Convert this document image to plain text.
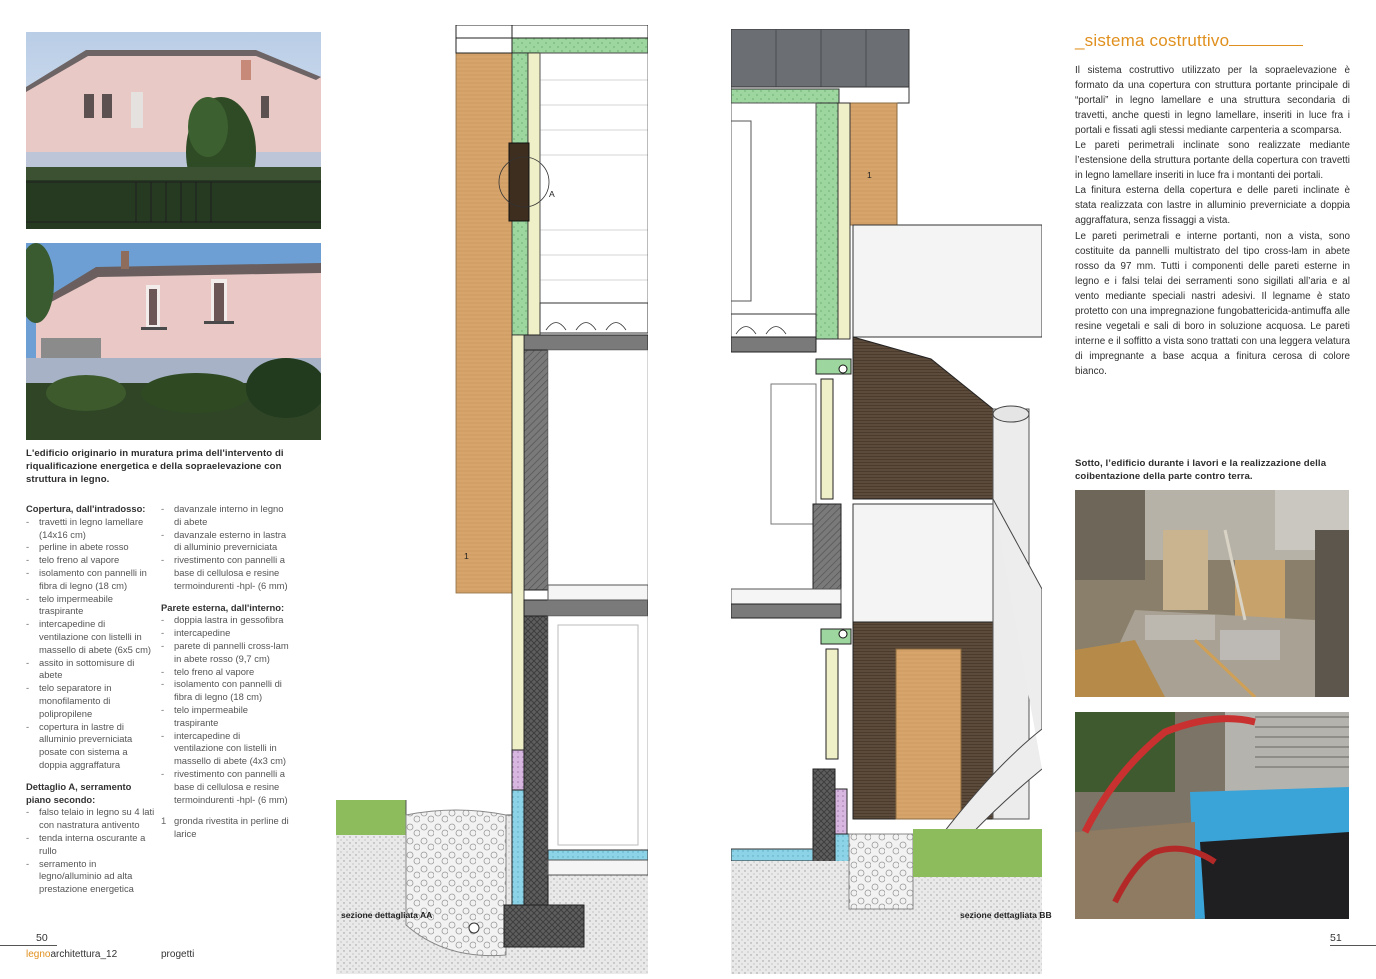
L'edificio originario in muratura prima dell'intervento di riqualificazione energetica e della sopraelevazione con struttura in legno.
Copertura, dall'intradosso:
- travetti in legno lamellare (14x16 cm)
- perline in abete rosso
- telo freno al vapore
- isolamento con pannelli in fibra di legno (18 cm)
- telo impermeabile traspirante
- intercapedine di ventilazione con listelli in massello di abete (6x5 cm)
- assito in sottomisure di abete
- telo separatore in monofilamento di polipropilene
- copertura in lastre di alluminio preverniciata posate con sistema a doppia aggraffatura
Dettaglio A, serramento piano secondo:
- falso telaio in legno su 4 lati con nastratura antivento
- tenda interna oscurante a rullo
- serramento in legno/alluminio ad alta prestazione energetica
- davanzale interno in legno di abete
- davanzale esterno in lastra di alluminio preverniciata
- rivestimento con pannelli a base di cellulosa e resine termoindurenti -hpl- (6 mm)
Parete esterna, dall'interno:
- doppia lastra in gessofibra
- intercapedine
- parete di pannelli cross-lam in abete rosso (9,7 cm)
- telo freno al vapore
- isolamento con pannelli di fibra di legno (18 cm)
- telo impermeabile traspirante
- intercapedine di ventilazione con listelli in massello di abete (4x3 cm)
- rivestimento con pannelli a base di cellulosa e resine termoindurenti -hpl- (6 mm)
1 gronda rivestita in perline di larice
50
legnoarchitettura_12	progetti
A
1
sezione dettagliata AA
1
sezione dettagliata BB
_sistema costruttivo

Il sistema costruttivo utilizzato per la sopraelevazione è formato da una copertura con struttura portante principale di “portali” in legno lamellare e una struttura secondaria di travetti, anche questi in legno lamellare, inseriti in luce fra i portali e fissati agli stessi mediante carpenteria a scomparsa.

Le pareti perimetrali inclinate sono realizzate mediante l’estensione della struttura portante della copertura con travetti in legno lamellare inseriti in luce fra i montanti dei portali.

La finitura esterna della copertura e delle pareti inclinate è stata realizzata con lastre in alluminio preverniciate a doppia aggraffatura, senza fissaggi a vista.

Le pareti perimetrali e interne portanti, non a vista, sono costituite da pannelli multistrato del tipo cross-lam in abete rosso da 97 mm. Tutti i componenti delle pareti esterne in legno e i falsi telai dei serramenti sono sigillati all’aria e al vento mediante speciali nastri adesivi. Il legname è stato protetto con una impregnazione fungobattericida-antimuffa alle resine vegetali e sali di boro in soluzione acquosa. Le pareti interne e il soffitto a vista sono trattati con una leggera velatura di impregnante a base acqua a finitura cerosa di colore bianco.

Sotto, l’edificio durante i lavori e la realizzazione della coibentazione della parte contro terra.
51
